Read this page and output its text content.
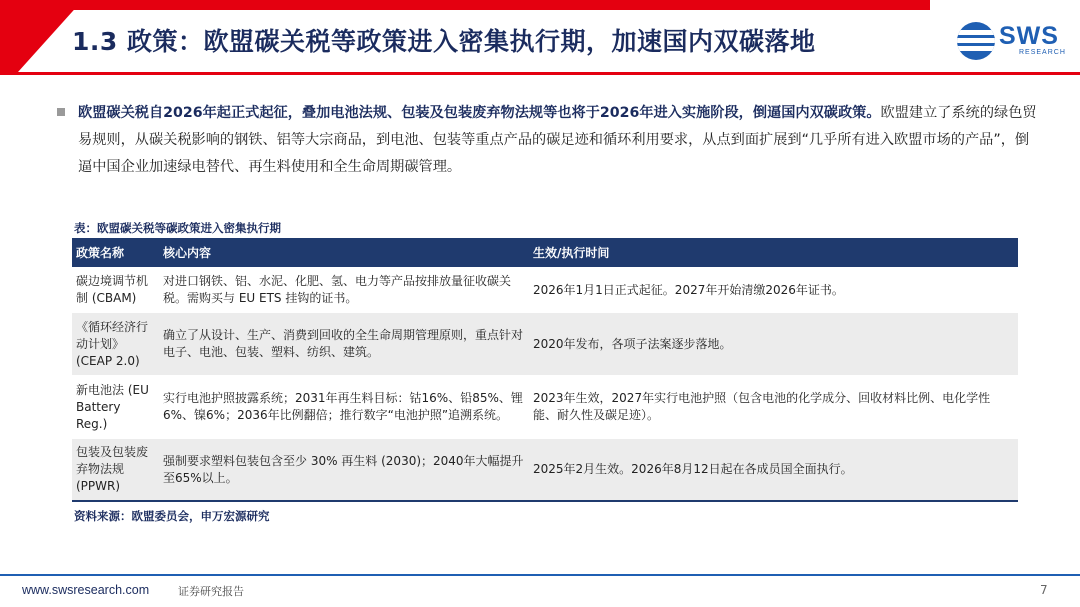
1.3 政策：欧盟碳关税等政策进入密集执行期，加速国内双碳落地	SWS
RESEARCH
欧盟碳关税自2026年起正式起征，叠加电池法规、包装及包装废弃物法规等也将于2026年进入实施阶段，倒逼国内双碳政策。欧盟建立了系统的绿色贸易规则，从碳关税影响的钢铁、铝等大宗商品，到电池、包装等重点产品的碳足迹和循环利用要求，从点到面扩展到“几乎所有进入欧盟市场的产品”，倒逼中国企业加速绿电替代、再生料使用和全生命周期碳管理。
表：欧盟碳关税等碳政策进入密集执行期
政策名称	核心内容	生效/执行时间
碳边境调节机制 (CBAM)	对进口钢铁、铝、水泥、化肥、氢、电力等产品按排放量征收碳关税。需购买与 EU ETS 挂钩的证书。	2026年1月1日正式起征。2027年开始清缴2026年证书。
《循环经济行动计划》(CEAP 2.0)	确立了从设计、生产、消费到回收的全生命周期管理原则，重点针对电子、电池、包装、塑料、纺织、建筑。	2020年发布，各项子法案逐步落地。
新电池法 (EU Battery Reg.)	实行电池护照披露系统；2031年再生料目标：钴16%、铅85%、锂6%、镍6%；2036年比例翻倍；推行数字“电池护照”追溯系统。	2023年生效，2027年实行电池护照（包含电池的化学成分、回收材料比例、电化学性能、耐久性及碳足迹）。
包装及包装废弃物法规 (PPWR)	强制要求塑料包装包含至少 30% 再生料 (2030)；2040年大幅提升至65%以上。	2025年2月生效。2026年8月12日起在各成员国全面执行。
资料来源：欧盟委员会，申万宏源研究
www.swsresearch.com	证券研究报告	7
